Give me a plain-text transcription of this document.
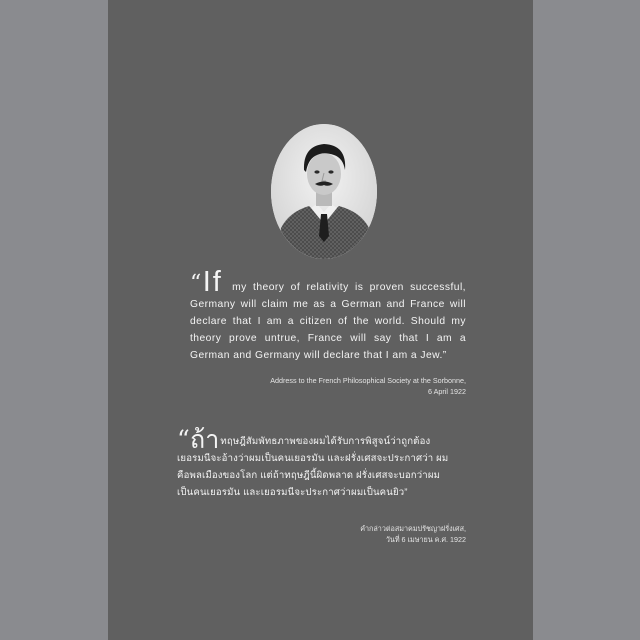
“If my theory of relativity is proven successful, Germany will claim me as a German and France will declare that I am a citizen of the world. Should my theory prove untrue, France will say that I am a German and Germany will declare that I am a Jew.”
Address to the French Philosophical Society at the Sorbonne,
6 April 1922
“ถ้าทฤษฎีสัมพัทธภาพของผมได้รับการพิสูจน์ว่าถูกต้อง
เยอรมนีจะอ้างว่าผมเป็นคนเยอรมัน และฝรั่งเศสจะประกาศว่า ผม
คือพลเมืองของโลก แต่ถ้าทฤษฎีนี้ผิดพลาด ฝรั่งเศสจะบอกว่าผม
เป็นคนเยอรมัน และเยอรมนีจะประกาศว่าผมเป็นคนยิว”
คำกล่าวต่อสมาคมปรัชญาฝรั่งเศส,
วันที่ 6 เมษายน ค.ศ. 1922
